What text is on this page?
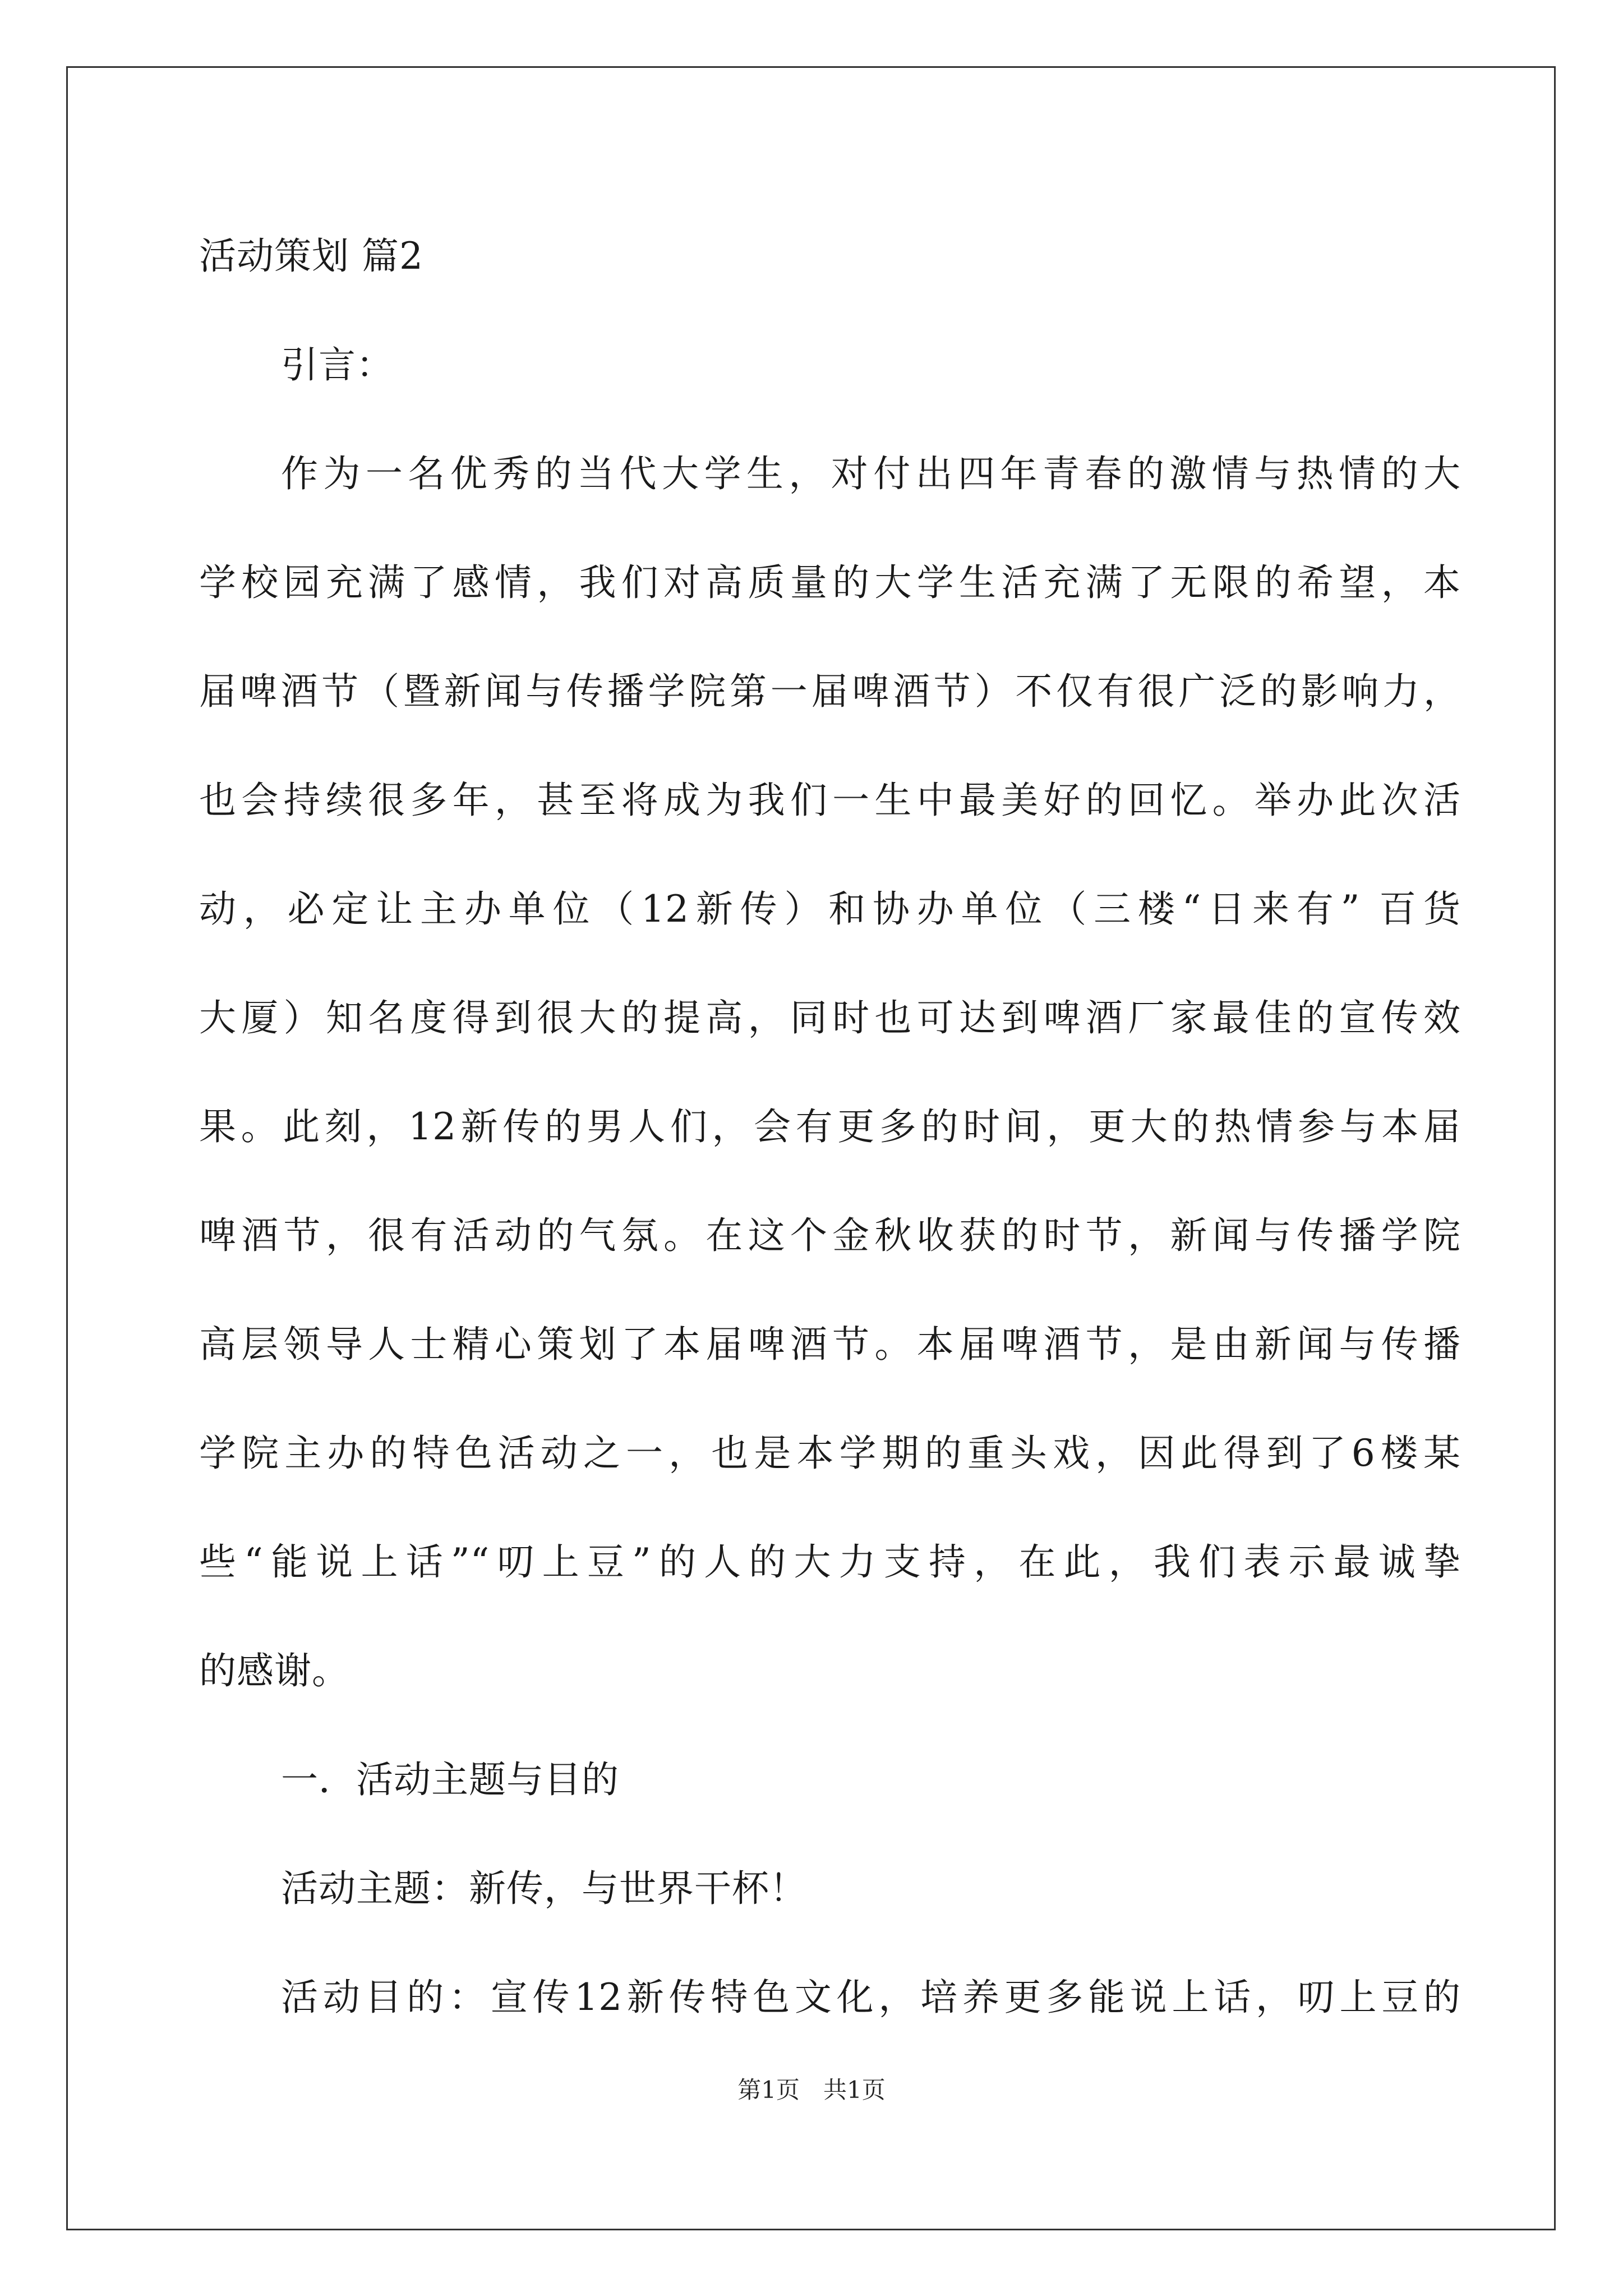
活动策划 篇2
引言：
作为一名优秀的当代大学生，对付出四年青春的激情与热情的大
学校园充满了感情，我们对高质量的大学生活充满了无限的希望，本
届啤酒节（暨新闻与传播学院第一届啤酒节）不仅有很广泛的影响力，
也会持续很多年，甚至将成为我们一生中最美好的回忆。举办此次活
动，必定让主办单位（12新传）和协办单位（三楼“日来有” 百货
大厦）知名度得到很大的提高，同时也可达到啤酒厂家最佳的宣传效
果。此刻，12新传的男人们，会有更多的时间，更大的热情参与本届
啤酒节，很有活动的气氛。在这个金秋收获的时节，新闻与传播学院
高层领导人士精心策划了本届啤酒节。本届啤酒节，是由新闻与传播
学院主办的特色活动之一，也是本学期的重头戏，因此得到了6楼某
些“能说上话”“叨上豆”的人的大力支持，在此，我们表示最诚挚
的感谢。
一．活动主题与目的
活动主题：新传，与世界干杯！
活动目的：宣传12新传特色文化，培养更多能说上话，叨上豆的
第1页　共1页
